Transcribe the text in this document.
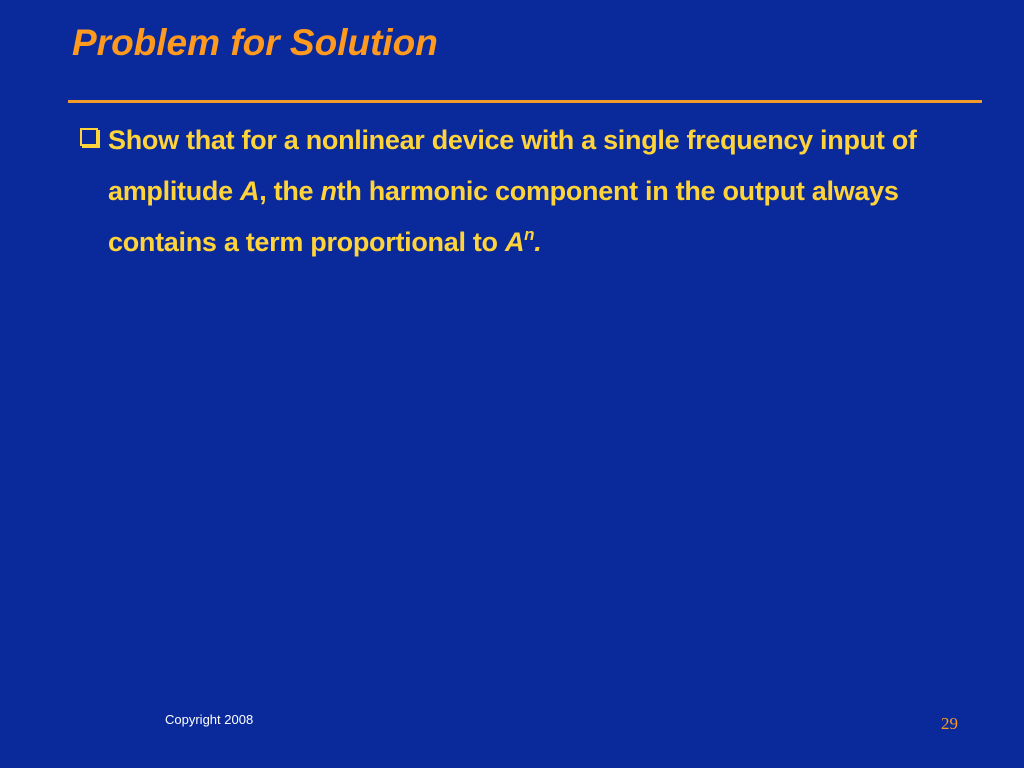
Problem for Solution
Show that for a nonlinear device with a single frequency input of amplitude A, the nth harmonic component in the output always contains a term proportional to $A^n$.
Copyright 2008	29
